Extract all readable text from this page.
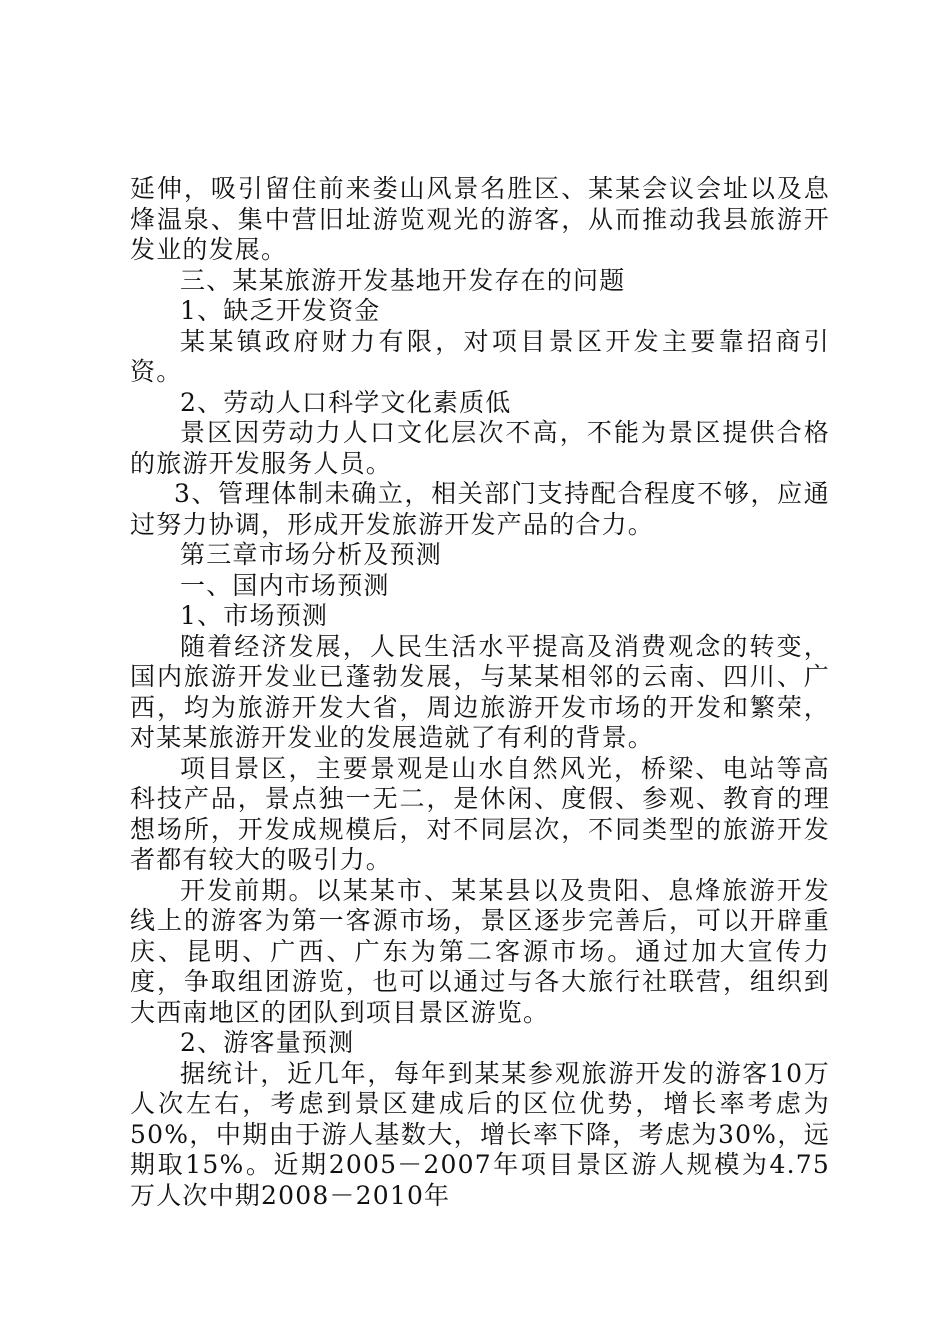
延伸，吸引留住前来娄山风景名胜区、某某会议会址以及息烽温泉、集中营旧址游览观光的游客，从而推动我县旅游开发业的发展。

三、某某旅游开发基地开发存在的问题

1、缺乏开发资金

某某镇政府财力有限，对项目景区开发主要靠招商引资。

2、劳动人口科学文化素质低

景区因劳动力人口文化层次不高，不能为景区提供合格的旅游开发服务人员。

3、管理体制未确立，相关部门支持配合程度不够，应通过努力协调，形成开发旅游开发产品的合力。

第三章市场分析及预测

一、国内市场预测

1、市场预测

随着经济发展，人民生活水平提高及消费观念的转变，国内旅游开发业已蓬勃发展，与某某相邻的云南、四川、广西，均为旅游开发大省，周边旅游开发市场的开发和繁荣，对某某旅游开发业的发展造就了有利的背景。

项目景区，主要景观是山水自然风光，桥梁、电站等高科技产品，景点独一无二，是休闲、度假、参观、教育的理想场所，开发成规模后，对不同层次，不同类型的旅游开发者都有较大的吸引力。

开发前期。以某某市、某某县以及贵阳、息烽旅游开发线上的游客为第一客源市场，景区逐步完善后，可以开辟重庆、昆明、广西、广东为第二客源市场。通过加大宣传力度，争取组团游览，也可以通过与各大旅行社联营，组织到大西南地区的团队到项目景区游览。

2、游客量预测

据统计，近几年，每年到某某参观旅游开发的游客10万人次左右，考虑到景区建成后的区位优势，增长率考虑为50%，中期由于游人基数大，增长率下降，考虑为30%，远期取15%。近期2005－2007年项目景区游人规模为4.75万人次中期2008－2010年
